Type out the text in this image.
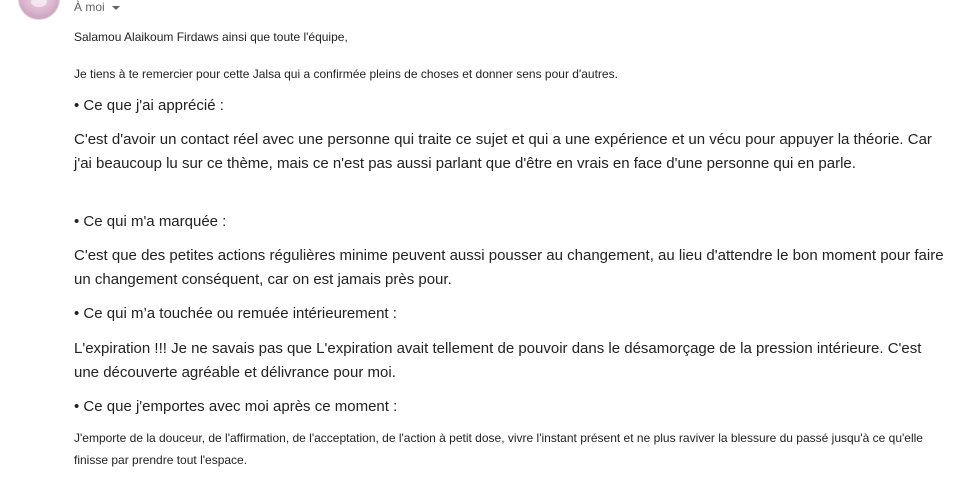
À moi

Salamou Alaikoum Firdaws ainsi que toute l'équipe,

Je tiens à te remercier pour cette Jalsa qui a confirmée pleins de choses et donner sens pour d'autres.

• Ce que j'ai apprécié :

C'est d'avoir un contact réel avec une personne qui traite ce sujet et qui a une expérience et un vécu pour appuyer la théorie. Car j'ai beaucoup lu sur ce thème, mais ce n'est pas aussi parlant que d'être en vrais en face d'une personne qui en parle.

• Ce qui m'a marquée :

C'est que des petites actions régulières minime peuvent aussi pousser au changement, au lieu d'attendre le bon moment pour faire un changement conséquent, car on est jamais près pour.

• Ce qui m’a touchée ou remuée intérieurement :

L'expiration !!! Je ne savais pas que L'expiration avait tellement de pouvoir dans le désamorçage de la pression intérieure. C'est une découverte agréable et délivrance pour moi.

• Ce que j'emportes avec moi après ce moment :

J'emporte de la douceur, de l'affirmation, de l'acceptation, de l'action à petit dose, vivre l'instant présent et ne plus raviver la blessure du passé jusqu'à ce qu'elle finisse par prendre tout l'espace.
